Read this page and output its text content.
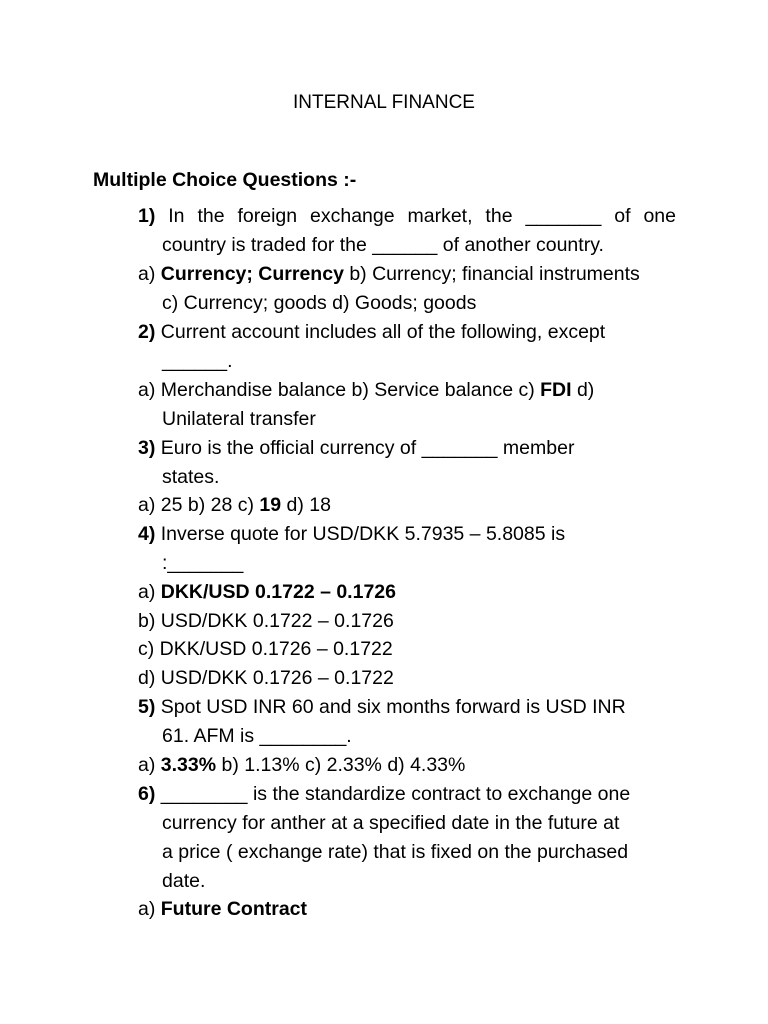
INTERNAL FINANCE
Multiple Choice Questions :-
1) In the foreign exchange market, the _______ of one
country is traded for the ______ of another country.
a) Currency; Currency b) Currency; financial instruments
c) Currency; goods d) Goods; goods
2) Current account includes all of the following, except
______.
a) Merchandise balance b) Service balance c) FDI d)
Unilateral transfer
3) Euro is the official currency of _______ member
states.
a) 25 b) 28 c) 19 d) 18
4) Inverse quote for USD/DKK 5.7935 – 5.8085 is
:_______
a) DKK/USD 0.1722 – 0.1726
b) USD/DKK 0.1722 – 0.1726
c) DKK/USD 0.1726 – 0.1722
d) USD/DKK 0.1726 – 0.1722
5) Spot USD INR 60 and six months forward is USD INR
61. AFM is ________.
a) 3.33% b) 1.13% c) 2.33% d) 4.33%
6) ________ is the standardize contract to exchange one
currency for anther at a specified date in the future at
a price ( exchange rate) that is fixed on the purchased
date.
a) Future Contract
